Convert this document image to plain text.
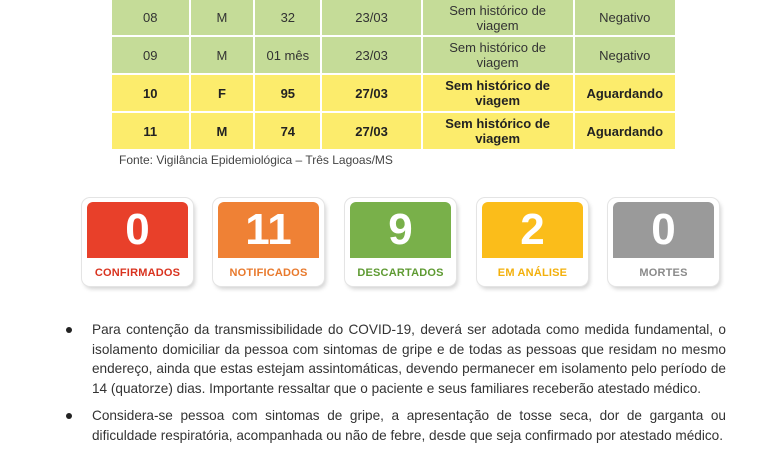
08	M	32	23/03	Sem histórico de
viagem	Negativo
09	M	01 mês	23/03	Sem histórico de
viagem	Negativo
10	F	95	27/03	Sem histórico de
viagem	Aguardando
11	M	74	27/03	Sem histórico de
viagem	Aguardando
Fonte: Vigilância Epidemiológica – Três Lagoas/MS
0
CONFIRMADOS
11
NOTIFICADOS
9
DESCARTADOS
2
EM ANÁLISE
0
MORTES
Para contenção da transmissibilidade do COVID-19, deverá ser adotada como medida fundamental, o isolamento domiciliar da pessoa com sintomas de gripe e de todas as pessoas que residam no mesmo endereço, ainda que estas estejam assintomáticas, devendo permanecer em isolamento pelo período de 14 (quatorze) dias. Importante ressaltar que o paciente e seus familiares receberão atestado médico.
Considera-se pessoa com sintomas de gripe, a apresentação de tosse seca, dor de garganta ou dificuldade respiratória, acompanhada ou não de febre, desde que seja confirmado por atestado médico.
